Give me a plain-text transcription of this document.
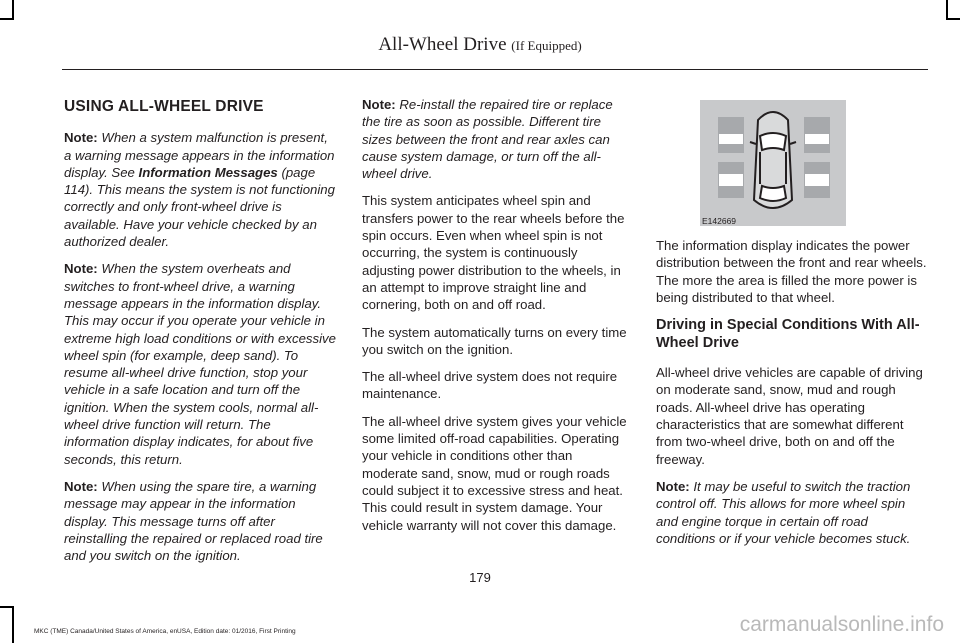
All-Wheel Drive (If Equipped)
USING ALL-WHEEL DRIVE

Note: When a system malfunction is present, a warning message appears in the information display. See Information Messages (page 114). This means the system is not functioning correctly and only front-wheel drive is available. Have your vehicle checked by an authorized dealer.

Note: When the system overheats and switches to front-wheel drive, a warning message appears in the information display. This may occur if you operate your vehicle in extreme high load conditions or with excessive wheel spin (for example, deep sand). To resume all-wheel drive function, stop your vehicle in a safe location and turn off the ignition. When the system cools, normal all-wheel drive function will return. The information display indicates, for about five seconds, this return.

Note: When using the spare tire, a warning message may appear in the information display. This message turns off after reinstalling the repaired or replaced road tire and you switch on the ignition.

Note: Re-install the repaired tire or replace the tire as soon as possible. Different tire sizes between the front and rear axles can cause system damage, or turn off the all-wheel drive.

This system anticipates wheel spin and transfers power to the rear wheels before the spin occurs. Even when wheel spin is not occurring, the system is continuously adjusting power distribution to the wheels, in an attempt to improve straight line and cornering, both on and off road.

The system automatically turns on every time you switch on the ignition.

The all-wheel drive system does not require maintenance.

The all-wheel drive system gives your vehicle some limited off-road capabilities. Operating your vehicle in conditions other than moderate sand, snow, mud or rough roads could subject it to excessive stress and heat. This could result in system damage. Your vehicle warranty will not cover this damage.

E142669

The information display indicates the power distribution between the front and rear wheels. The more the area is filled the more power is being distributed to that wheel.

Driving in Special Conditions With All-Wheel Drive

All-wheel drive vehicles are capable of driving on moderate sand, snow, mud and rough roads. All-wheel drive has operating characteristics that are somewhat different from two-wheel drive, both on and off the freeway.

Note: It may be useful to switch the traction control off. This allows for more wheel spin and engine torque in certain off road conditions or if your vehicle becomes stuck.

179
MKC (TME) Canada/United States of America, enUSA, Edition date: 01/2016, First Printing	carmanualsonline.info
